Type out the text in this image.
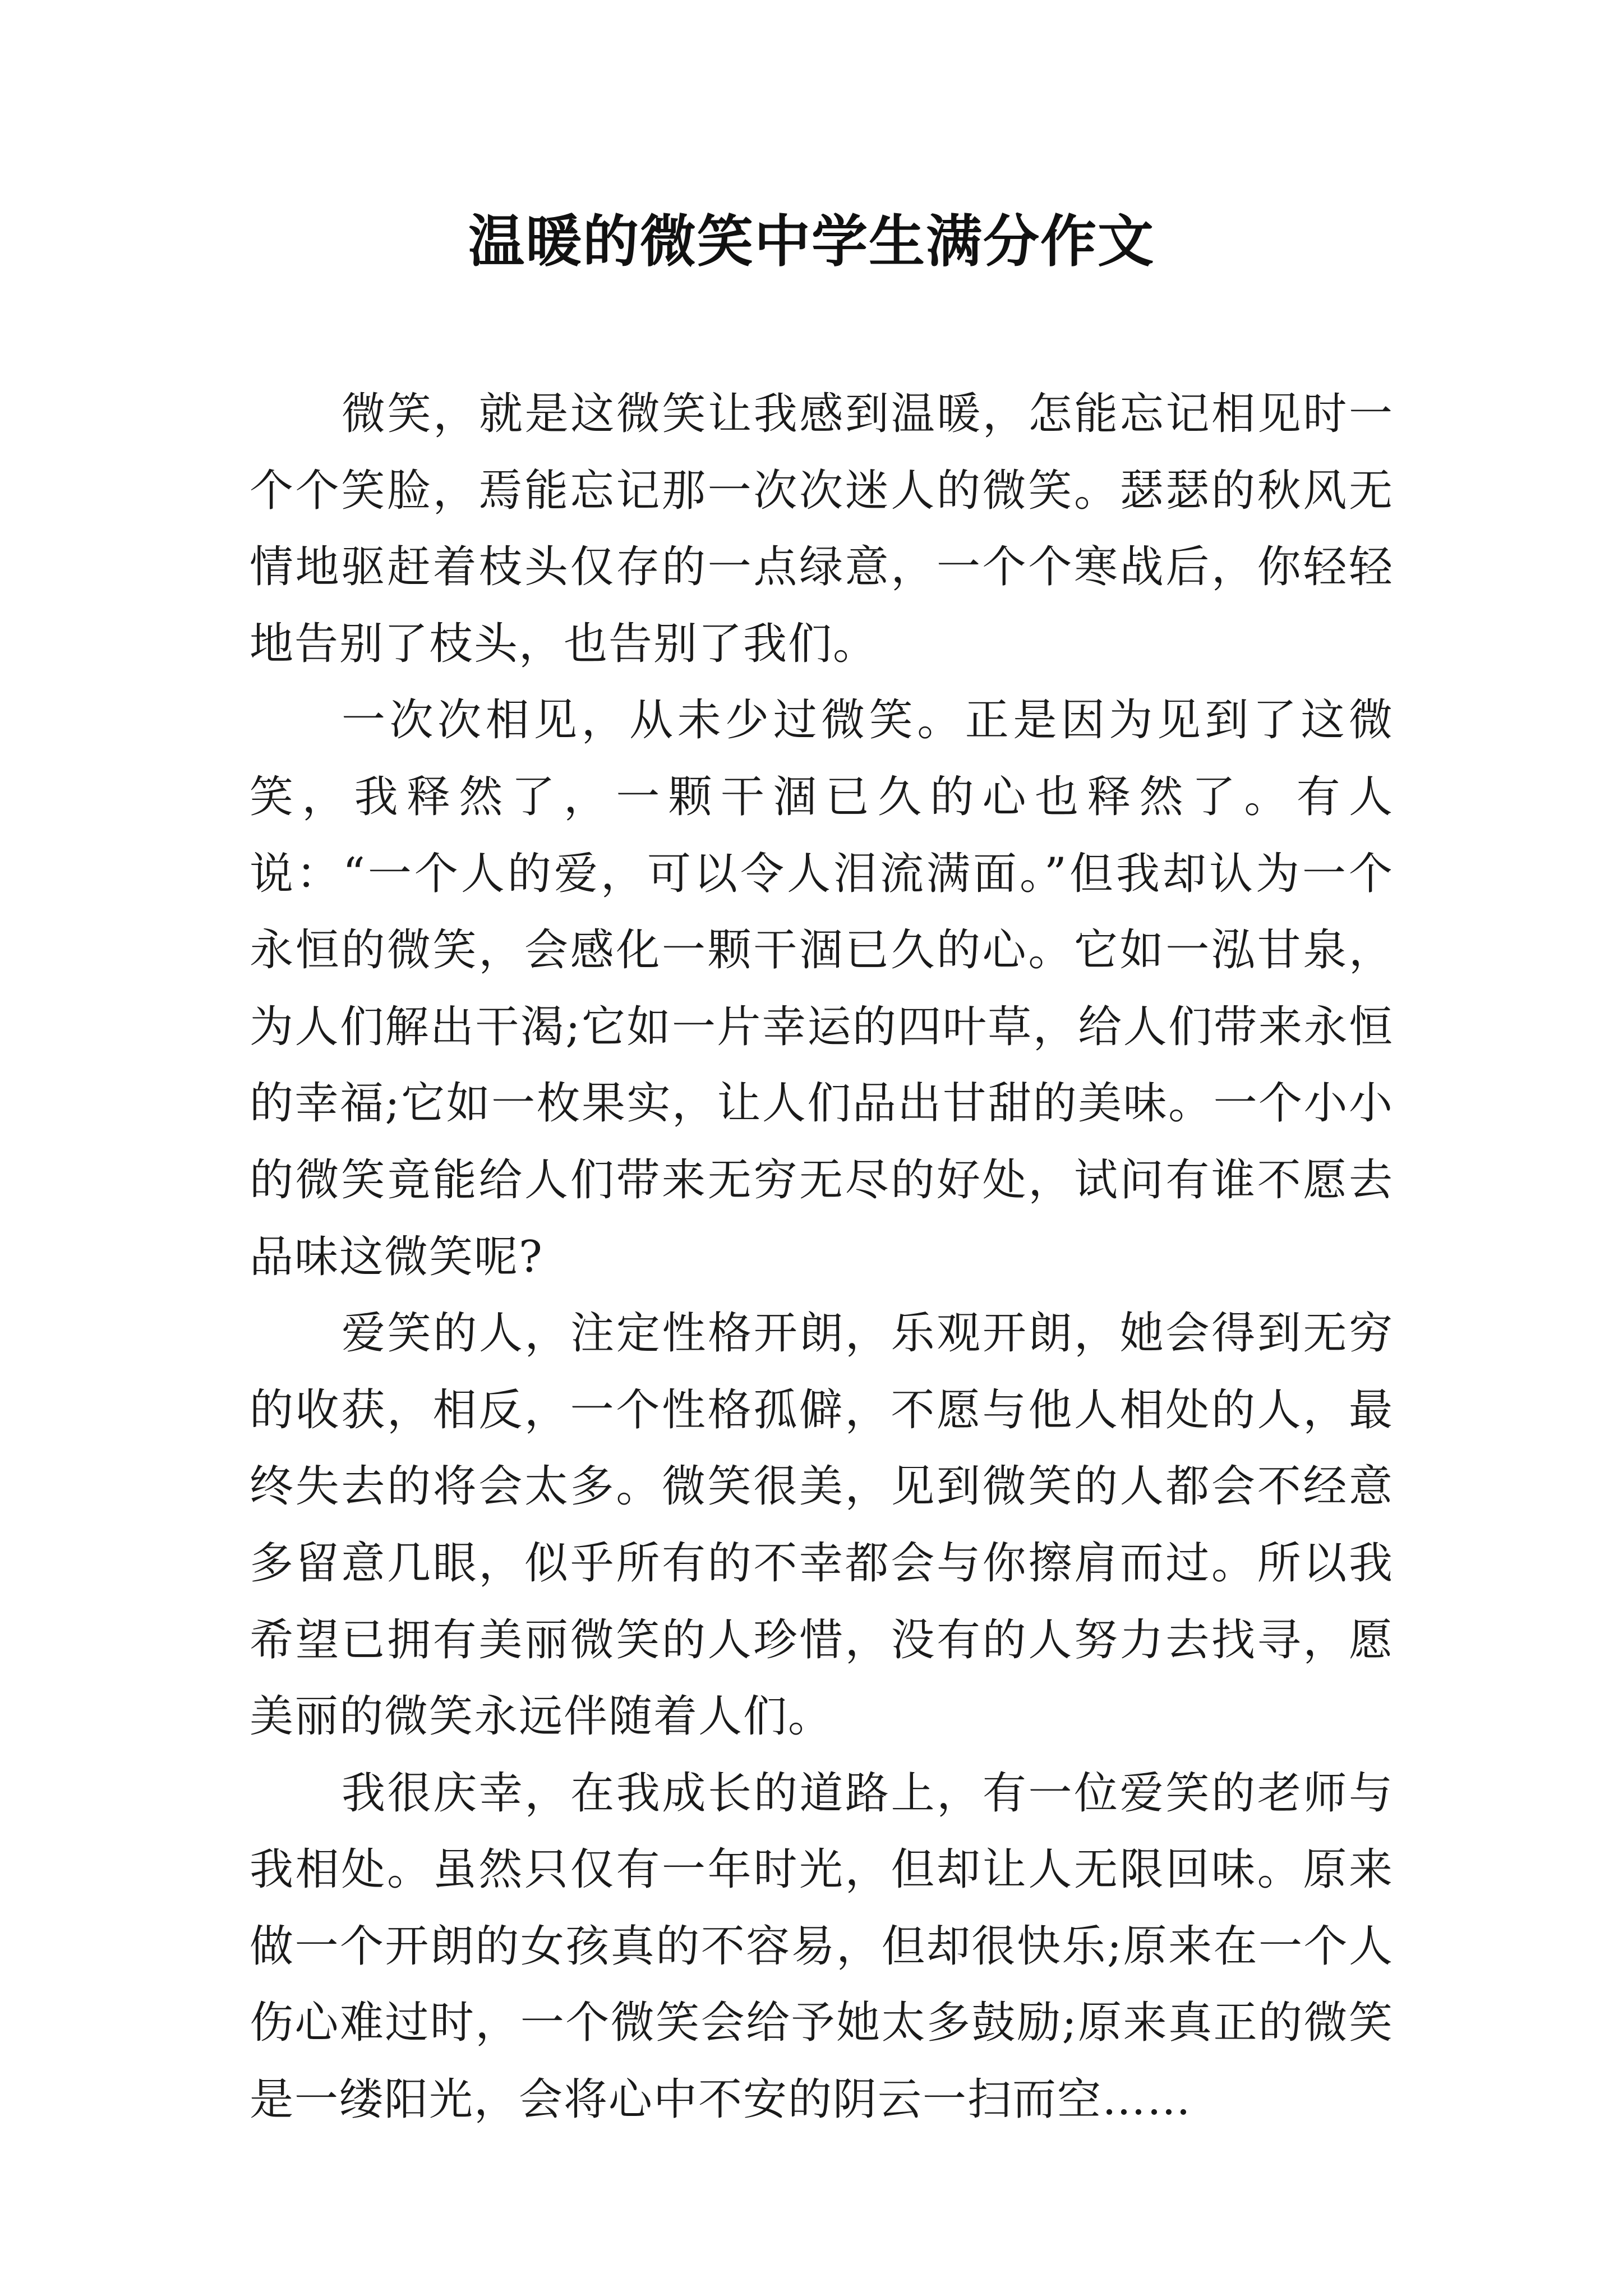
温暖的微笑中学生满分作文

微笑，就是这微笑让我感到温暖，怎能忘记相见时一个个笑脸，焉能忘记那一次次迷人的微笑。瑟瑟的秋风无情地驱赶着枝头仅存的一点绿意，一个个寒战后，你轻轻地告别了枝头，也告别了我们。

一次次相见，从未少过微笑。正是因为见到了这微笑，我释然了，一颗干涸已久的心也释然了。有人说：“一个人的爱，可以令人泪流满面。”但我却认为一个永恒的微笑，会感化一颗干涸已久的心。它如一泓甘泉，为人们解出干渴;它如一片幸运的四叶草，给人们带来永恒的幸福;它如一枚果实，让人们品出甘甜的美味。一个小小的微笑竟能给人们带来无穷无尽的好处，试问有谁不愿去品味这微笑呢?

爱笑的人，注定性格开朗，乐观开朗，她会得到无穷的收获，相反，一个性格孤僻，不愿与他人相处的人，最终失去的将会太多。微笑很美，见到微笑的人都会不经意多留意几眼，似乎所有的不幸都会与你擦肩而过。所以我希望已拥有美丽微笑的人珍惜，没有的人努力去找寻，愿美丽的微笑永远伴随着人们。

我很庆幸，在我成长的道路上，有一位爱笑的老师与我相处。虽然只仅有一年时光，但却让人无限回味。原来做一个开朗的女孩真的不容易，但却很快乐;原来在一个人伤心难过时，一个微笑会给予她太多鼓励;原来真正的微笑是一缕阳光，会将心中不安的阴云一扫而空……
